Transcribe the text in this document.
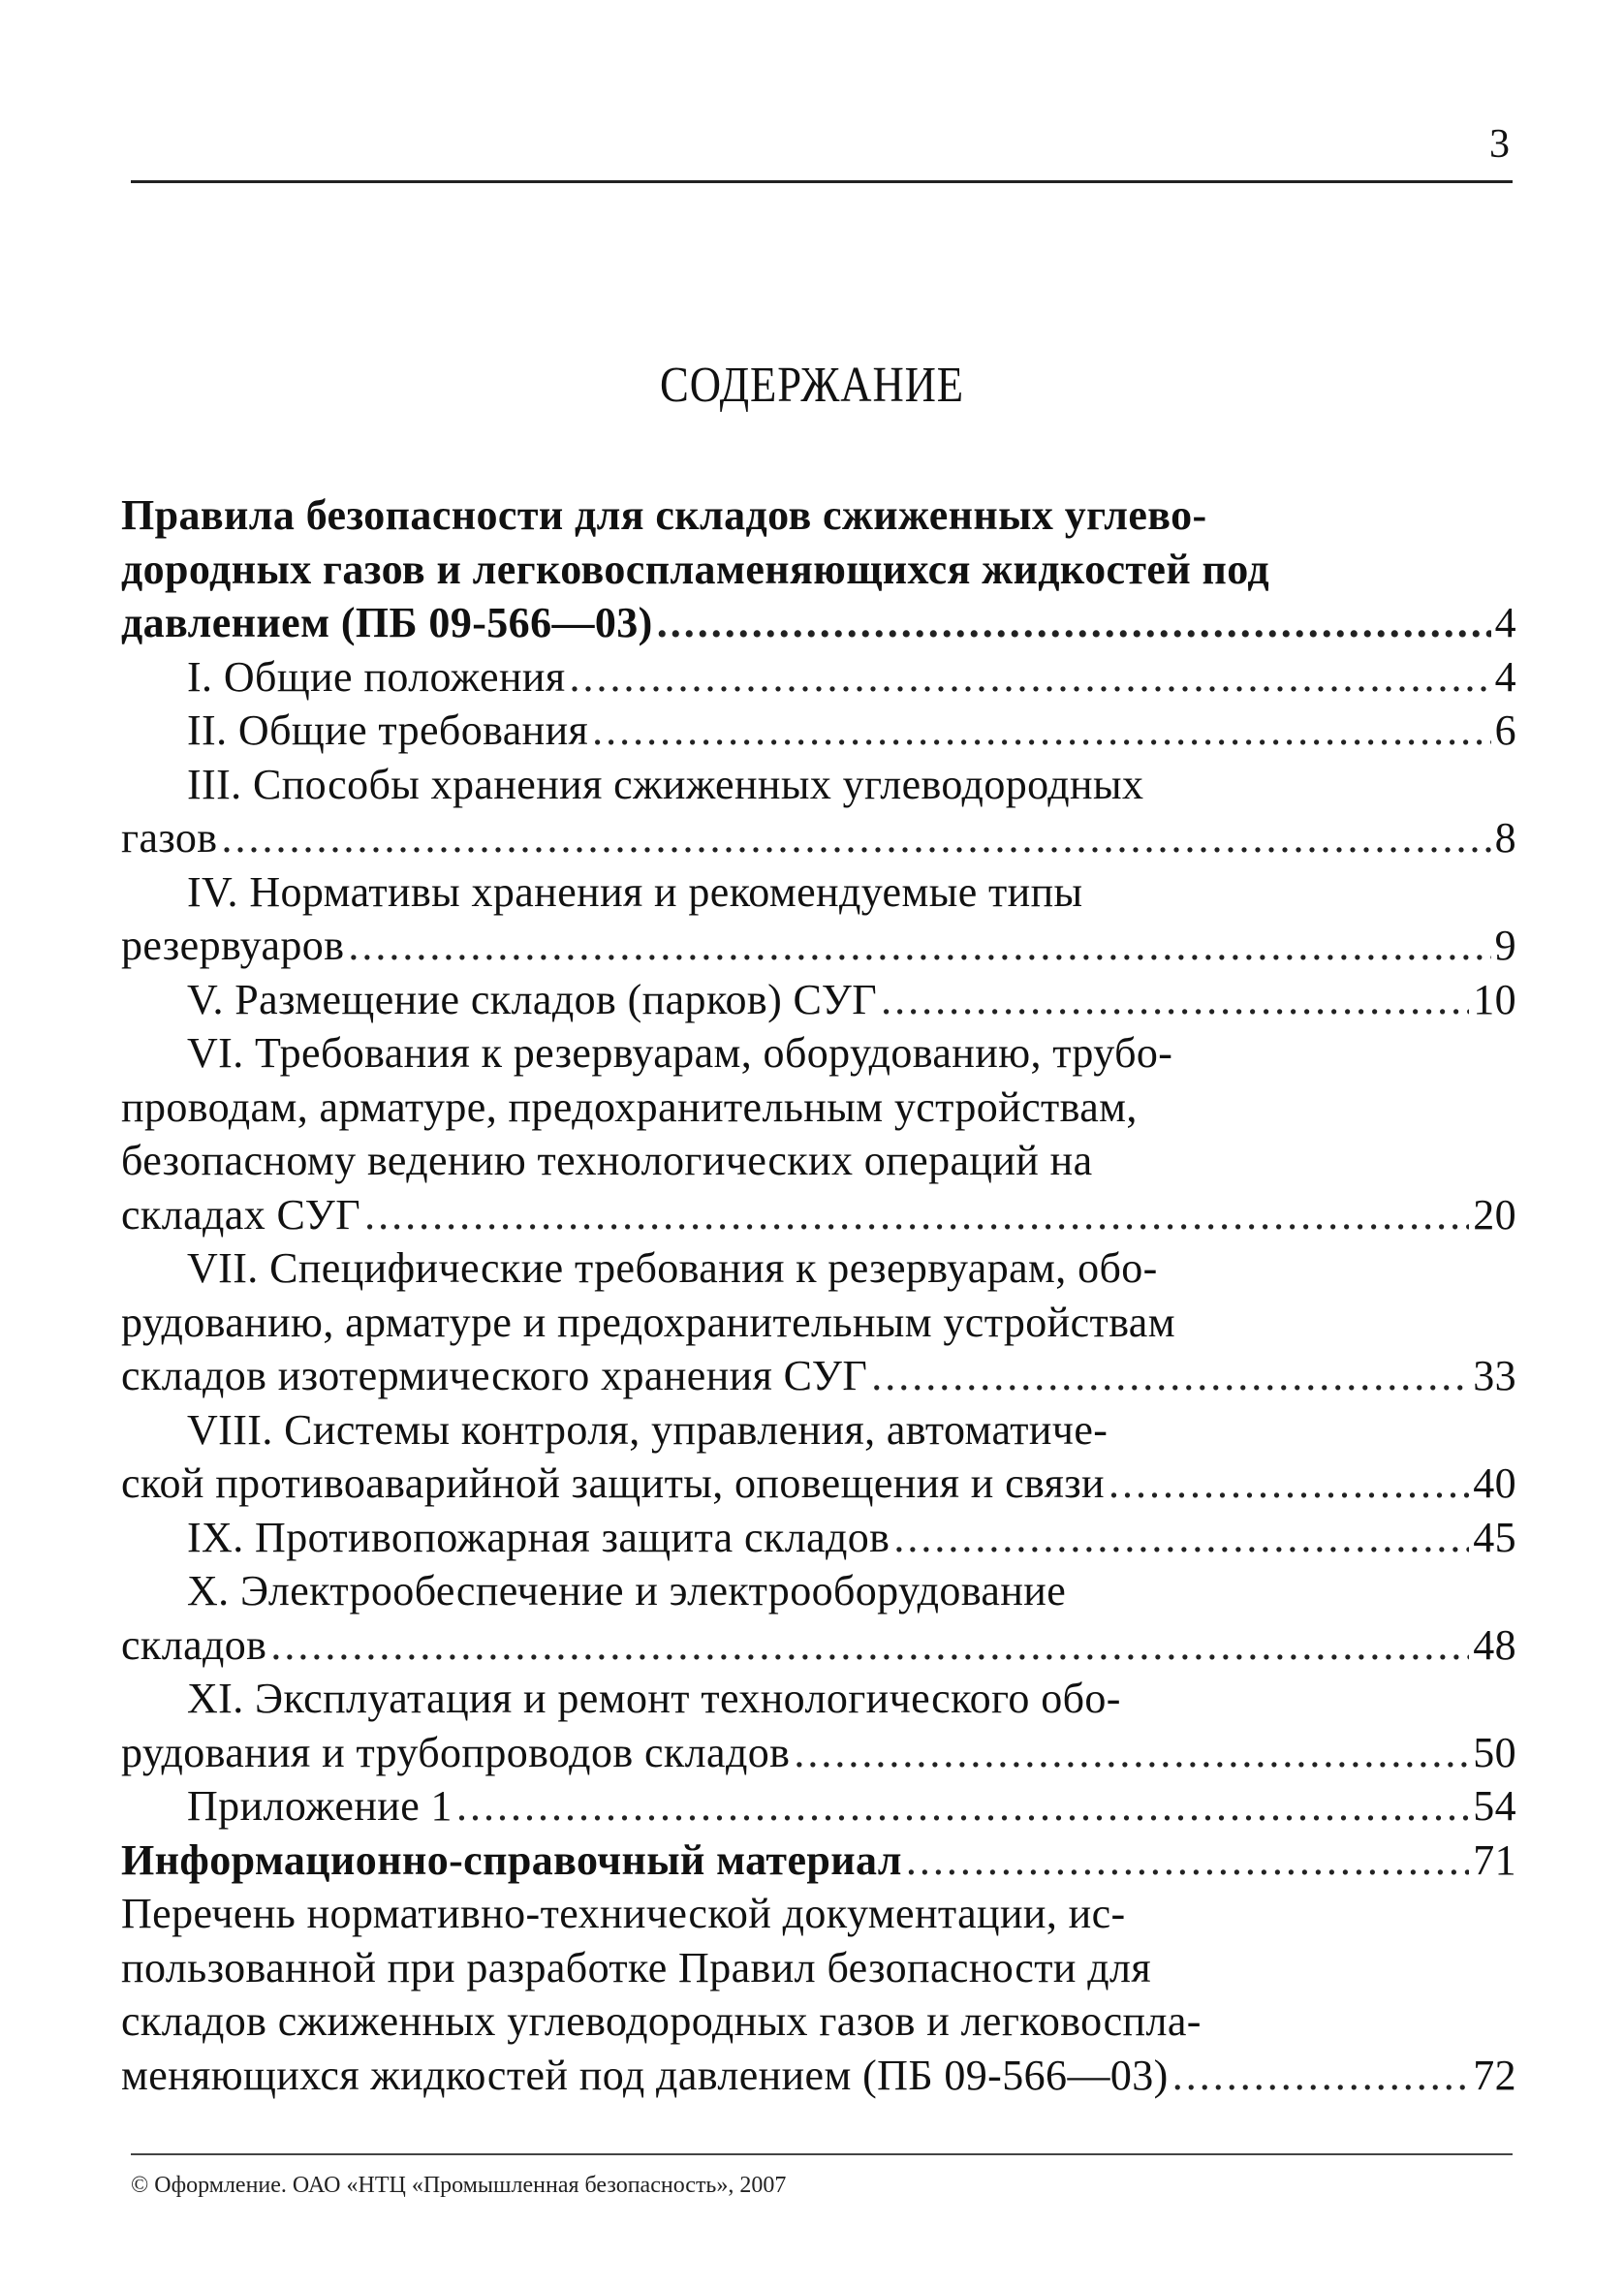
3
СОДЕРЖАНИЕ
Правила безопасности для складов сжиженных углево-
дородных газов и легковоспламеняющихся жидкостей под
давлением (ПБ 09-566—03) . . .	4
I. Общие положения . . .	4
II. Общие требования . . .	6
III. Способы хранения сжиженных углеводородных
газов . . .	8
IV. Нормативы хранения и рекомендуемые типы
резервуаров . . .	9
V. Размещение складов (парков) СУГ . . .	10
VI. Требования к резервуарам, оборудованию, трубо-
проводам, арматуре, предохранительным устройствам,
безопасному ведению технологических операций на
складах СУГ . . .	20
VII. Специфические требования к резервуарам, обо-
рудованию, арматуре и предохранительным устройствам
складов изотермического хранения СУГ . . .	33
VIII. Системы контроля, управления, автоматиче-
ской противоаварийной защиты, оповещения и связи . . .	40
IX. Противопожарная защита складов . . .	45
X. Электрообеспечение и электрооборудование
складов . . .	48
XI. Эксплуатация и ремонт технологического обо-
рудования и трубопроводов складов . . .	50
Приложение 1 . . .	54
Информационно-справочный материал . . .	71
Перечень нормативно-технической документации, ис-
пользованной при разработке Правил безопасности для
складов сжиженных углеводородных газов и легковоспла-
меняющихся жидкостей под давлением (ПБ 09-566—03) . . .	72
© Оформление. ОАО «НТЦ «Промышленная безопасность», 2007
